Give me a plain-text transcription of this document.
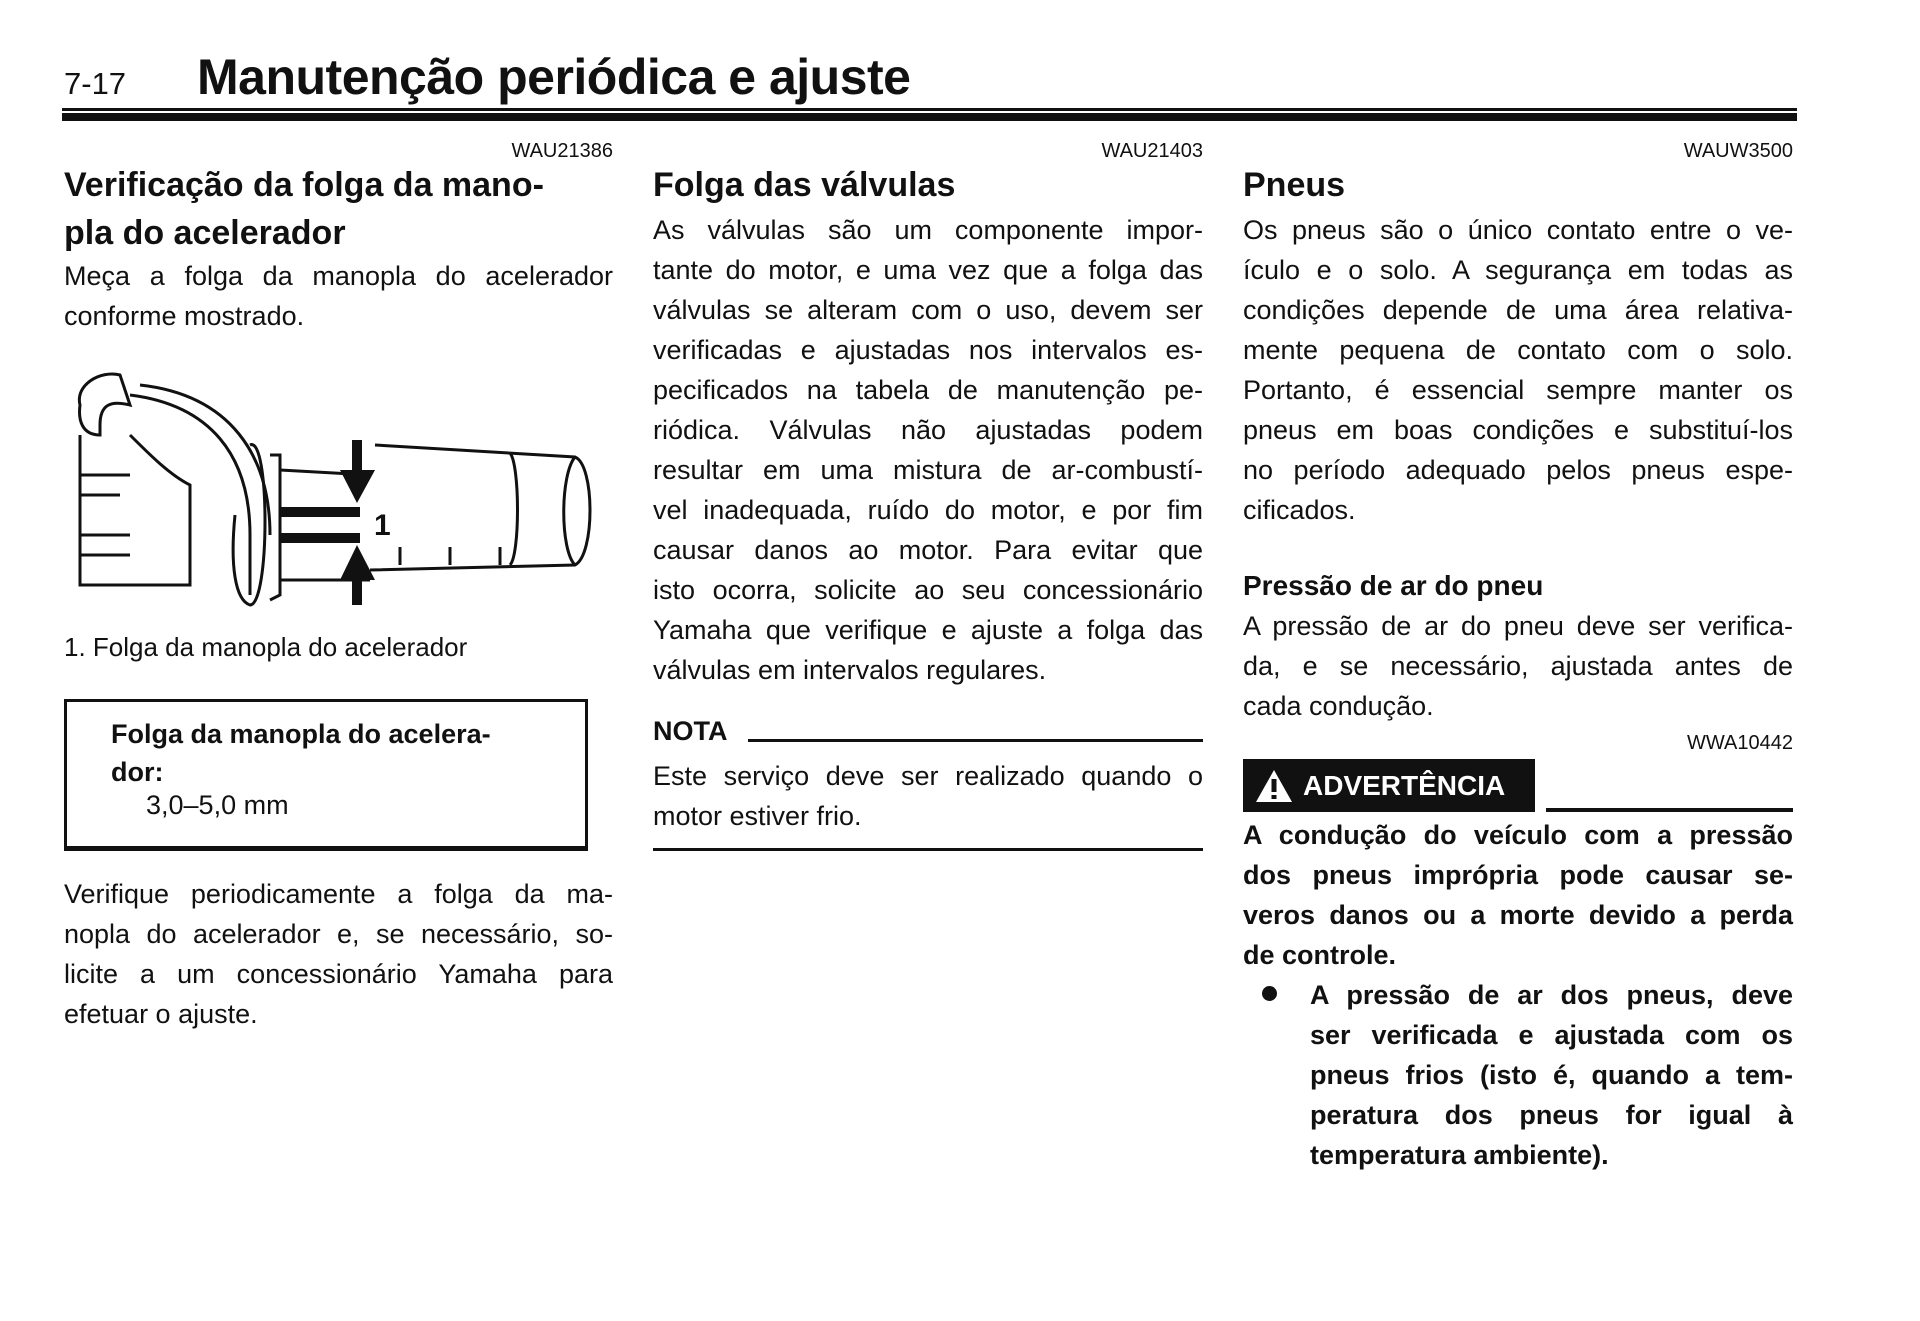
7-17 Manutenção periódica e ajuste
WAU21386
Verificação da folga da mano-
pla do acelerador
Meça a folga da manopla do acelerador
conforme mostrado.
1
1. Folga da manopla do acelerador
Folga da manopla do acelera-
dor:
3,0–5,0 mm
Verifique periodicamente a folga da ma-
nopla do acelerador e, se necessário, so-
licite a um concessionário Yamaha para
efetuar o ajuste.
WAU21403
Folga das válvulas
As válvulas são um componente impor-
tante do motor, e uma vez que a folga das
válvulas se alteram com o uso, devem ser
verificadas e ajustadas nos intervalos es-
pecificados na tabela de manutenção pe-
riódica. Válvulas não ajustadas podem
resultar em uma mistura de ar-combustí-
vel inadequada, ruído do motor, e por fim
causar danos ao motor. Para evitar que
isto ocorra, solicite ao seu concessionário
Yamaha que verifique e ajuste a folga das
válvulas em intervalos regulares.
NOTA
Este serviço deve ser realizado quando o
motor estiver frio.
WAUW3500
Pneus
Os pneus são o único contato entre o ve-
ículo e o solo. A segurança em todas as
condições depende de uma área relativa-
mente pequena de contato com o solo.
Portanto, é essencial sempre manter os
pneus em boas condições e substituí-los
no período adequado pelos pneus espe-
cificados.
Pressão de ar do pneu
A pressão de ar do pneu deve ser verifica-
da, e se necessário, ajustada antes de
cada condução.
WWA10442
ADVERTÊNCIA
A condução do veículo com a pressão
dos pneus imprópria pode causar se-
veros danos ou a morte devido a perda
de controle.
A pressão de ar dos pneus, deve
ser verificada e ajustada com os
pneus frios (isto é, quando a tem-
peratura dos pneus for igual à
temperatura ambiente).
